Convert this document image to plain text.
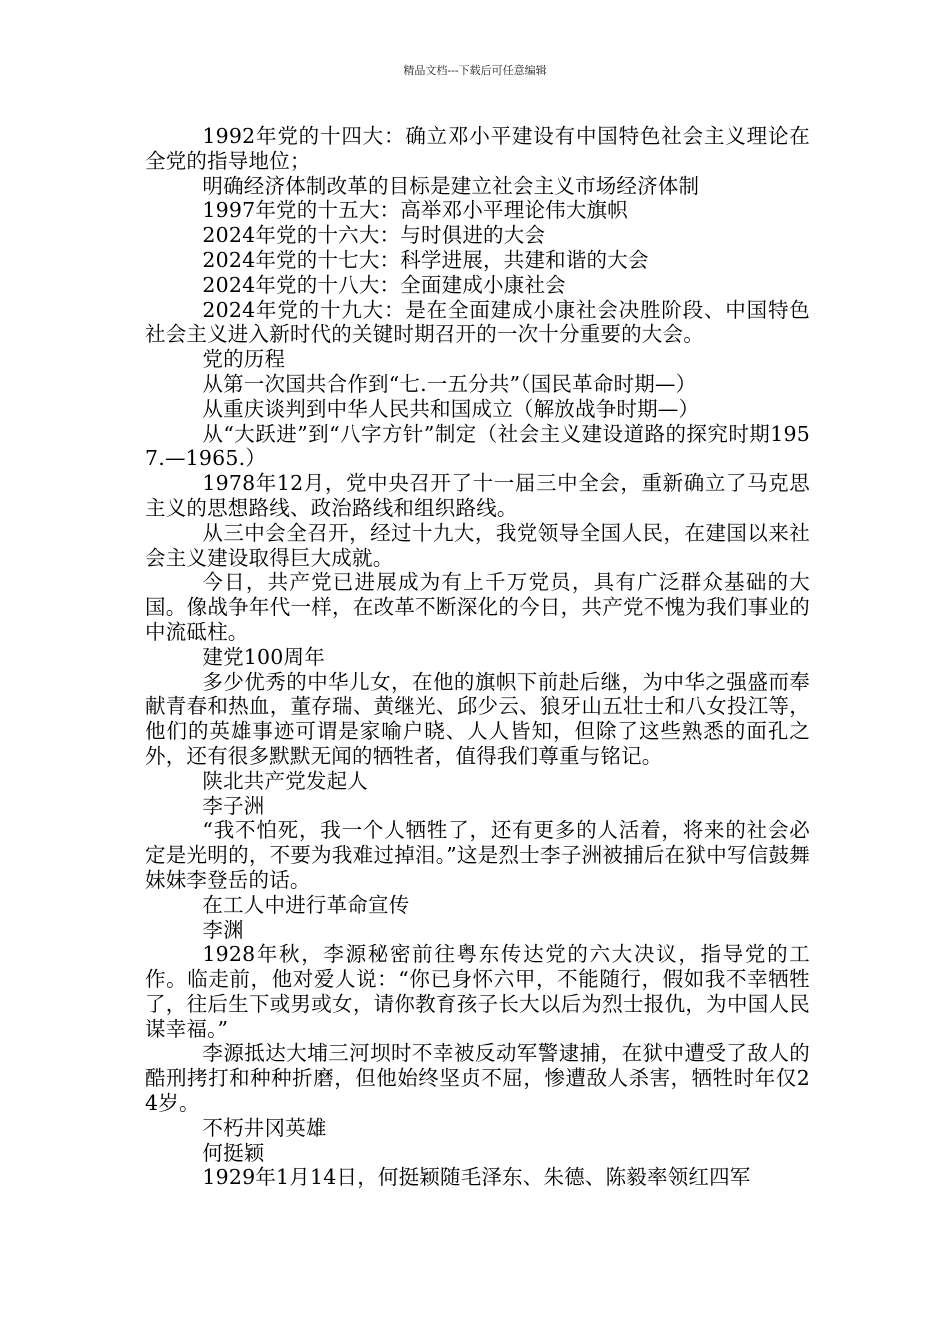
精品文档---下载后可任意编辑

1992年党的十四大：确立邓小平建设有中国特色社会主义理论在全党的指导地位；

明确经济体制改革的目标是建立社会主义市场经济体制

1997年党的十五大：高举邓小平理论伟大旗帜

2024年党的十六大：与时俱进的大会

2024年党的十七大：科学进展，共建和谐的大会

2024年党的十八大：全面建成小康社会

2024年党的十九大：是在全面建成小康社会决胜阶段、中国特色社会主义进入新时代的关键时期召开的一次十分重要的大会。

党的历程

从第一次国共合作到“七.一五分共”（国民革命时期—）

从重庆谈判到中华人民共和国成立（解放战争时期—）

从“大跃进”到“八字方针”制定（社会主义建设道路的探究时期1957.—1965.）

1978年12月，党中央召开了十一届三中全会，重新确立了马克思主义的思想路线、政治路线和组织路线。

从三中会全召开，经过十九大，我党领导全国人民，在建国以来社会主义建设取得巨大成就。

今日，共产党已进展成为有上千万党员，具有广泛群众基础的大国。像战争年代一样，在改革不断深化的今日，共产党不愧为我们事业的中流砥柱。

建党100周年

多少优秀的中华儿女，在他的旗帜下前赴后继，为中华之强盛而奉献青春和热血，董存瑞、黄继光、邱少云、狼牙山五壮士和八女投江等，他们的英雄事迹可谓是家喻户晓、人人皆知，但除了这些熟悉的面孔之外，还有很多默默无闻的牺牲者，值得我们尊重与铭记。

陕北共产党发起人

李子洲

“我不怕死，我一个人牺牲了，还有更多的人活着，将来的社会必定是光明的，不要为我难过掉泪。”这是烈士李子洲被捕后在狱中写信鼓舞妹妹李登岳的话。

在工人中进行革命宣传

李渊

1928年秋，李源秘密前往粤东传达党的六大决议，指导党的工作。临走前，他对爱人说：“你已身怀六甲，不能随行，假如我不幸牺牲了，往后生下或男或女，请你教育孩子长大以后为烈士报仇，为中国人民谋幸福。”

李源抵达大埔三河坝时不幸被反动军警逮捕，在狱中遭受了敌人的酷刑拷打和种种折磨，但他始终坚贞不屈，惨遭敌人杀害，牺牲时年仅24岁。

不朽井冈英雄

何挺颖

1929年1月14日，何挺颖随毛泽东、朱德、陈毅率领红四军
